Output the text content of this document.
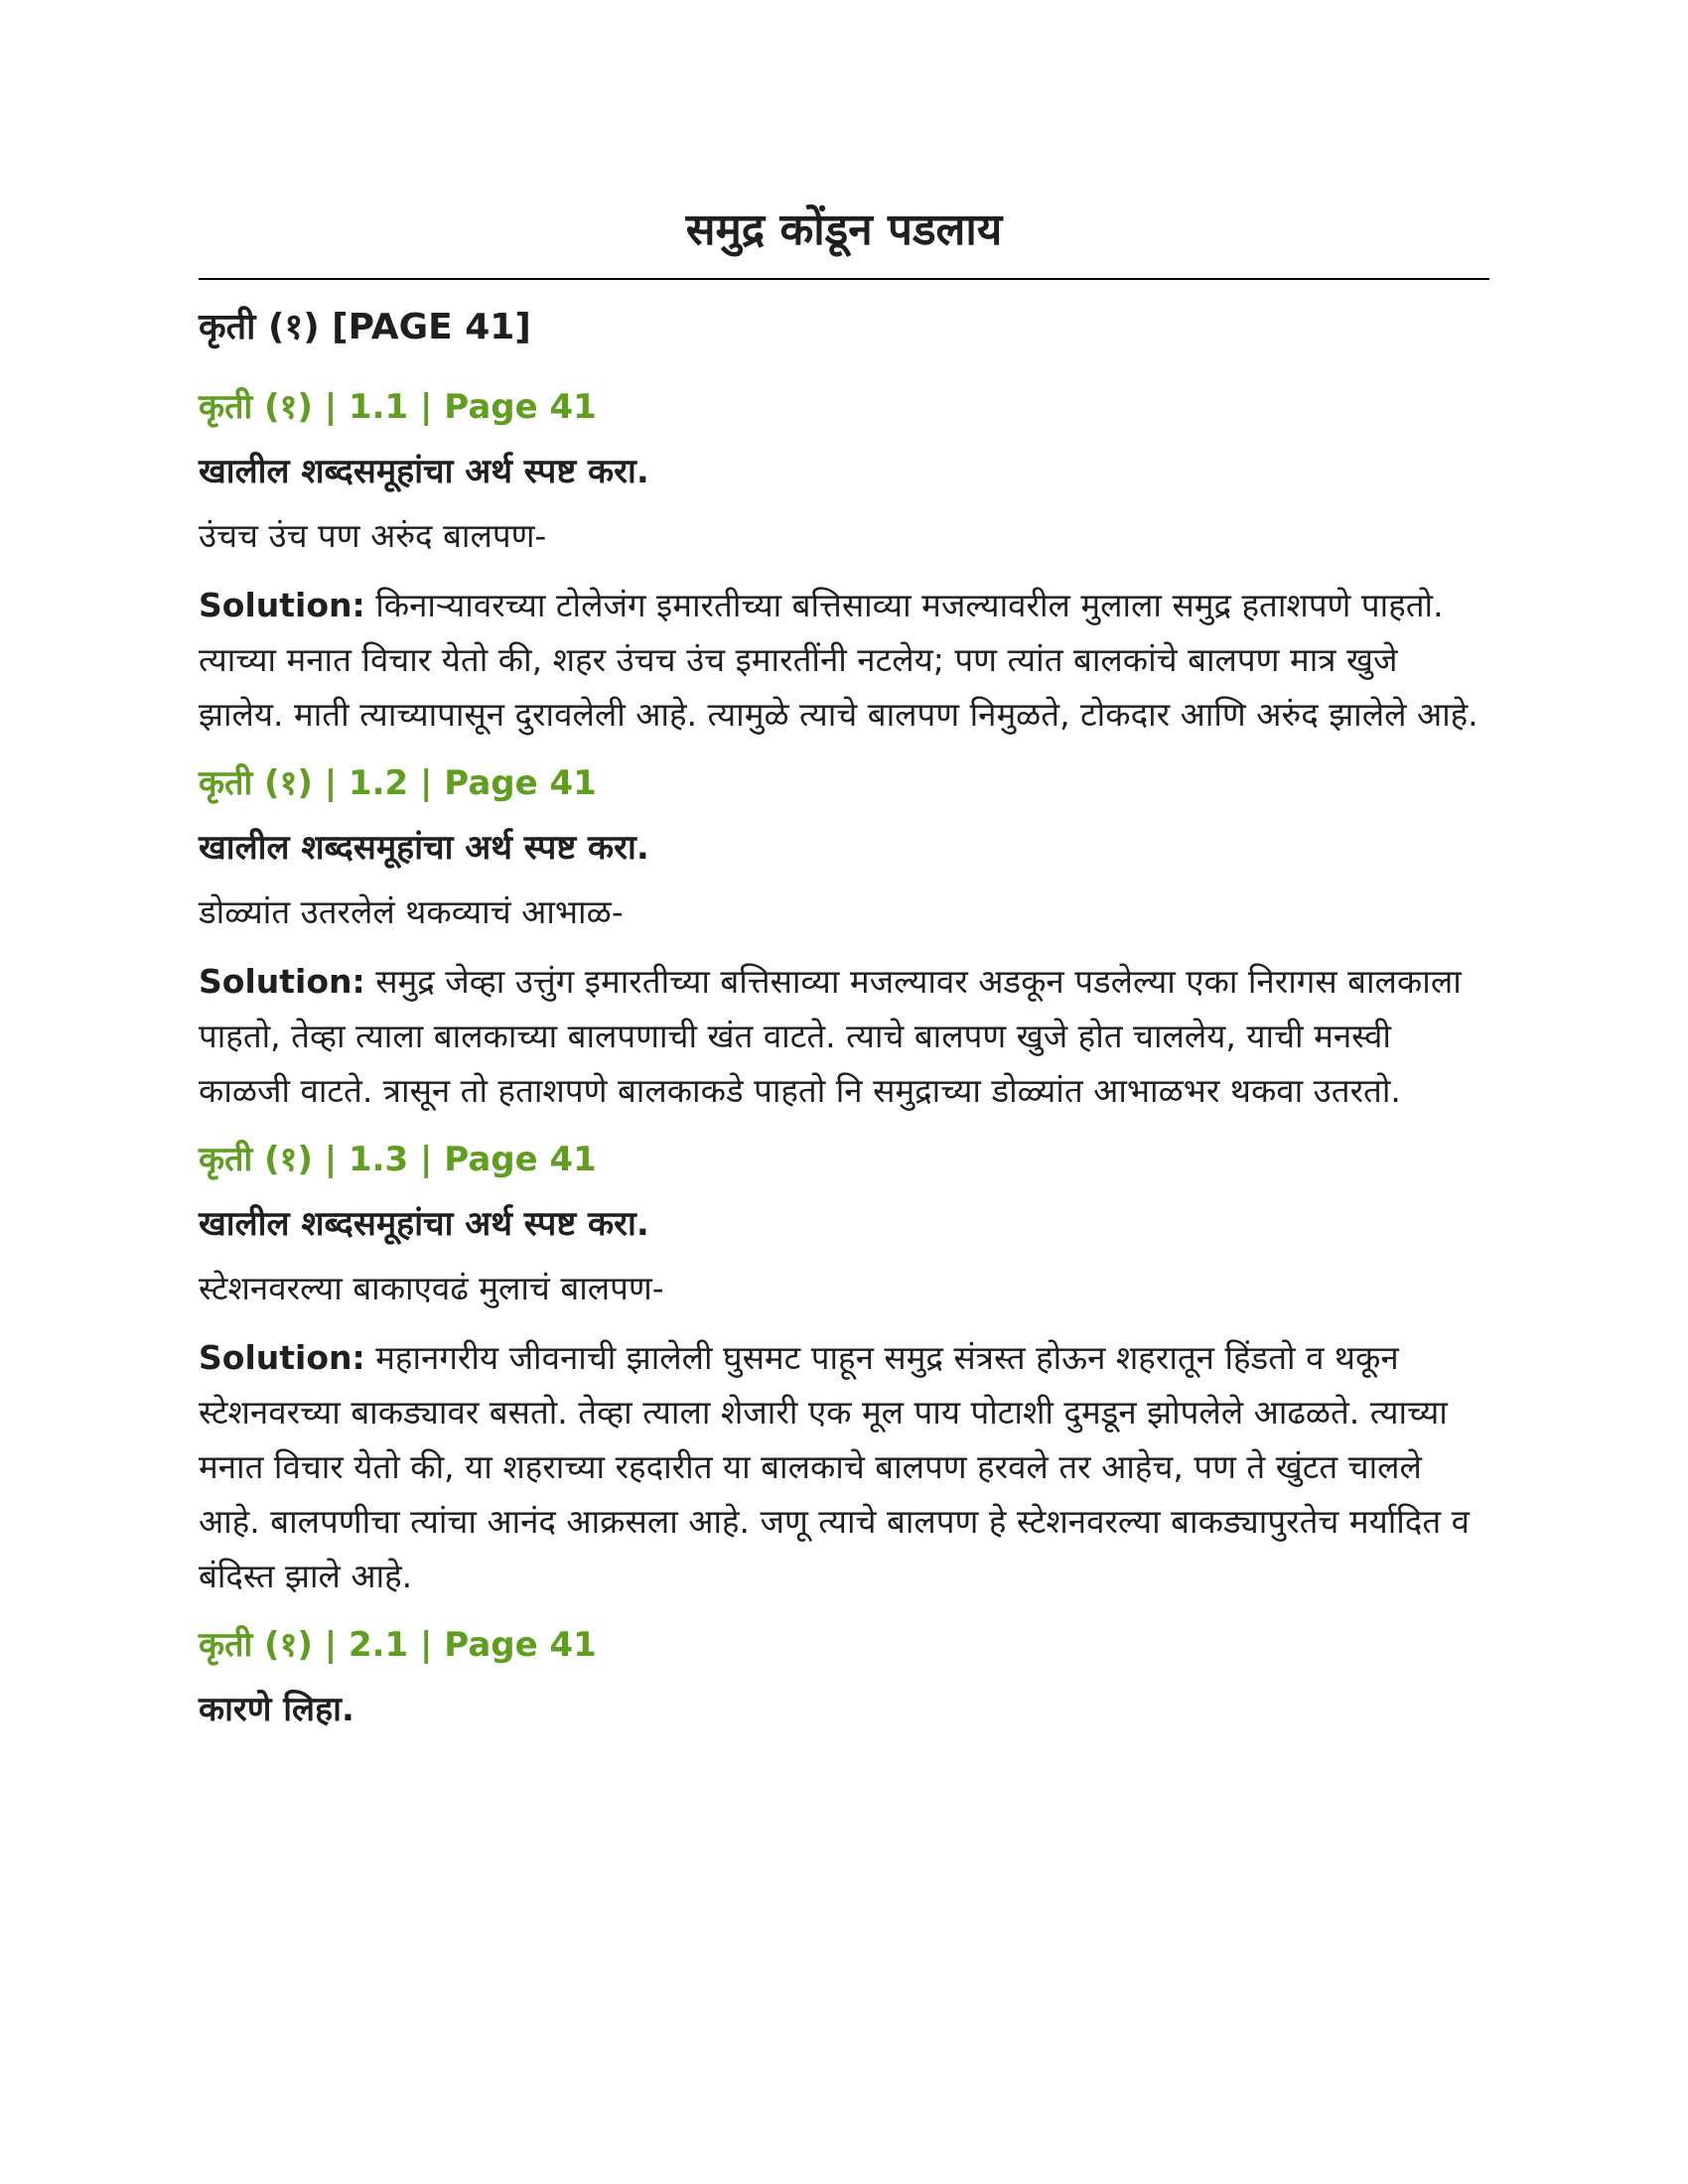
समुद्र कोंडून पडलाय

कृती (१) [PAGE 41]

कृती (१) | 1.1 | Page 41

खालील शब्दसमूहांचा अर्थ स्पष्ट करा.

उंचच उंच पण अरुंद बालपण-

Solution: किनाऱ्यावरच्या टोलेजंग इमारतीच्या बत्तिसाव्या मजल्यावरील मुलाला समुद्र हताशपणे पाहतो. त्याच्या मनात विचार येतो की, शहर उंचच उंच इमारतींनी नटलेय; पण त्यांत बालकांचे बालपण मात्र खुजे झालेय. माती त्याच्यापासून दुरावलेली आहे. त्यामुळे त्याचे बालपण निमुळते, टोकदार आणि अरुंद झालेले आहे.

कृती (१) | 1.2 | Page 41

खालील शब्दसमूहांचा अर्थ स्पष्ट करा.

डोळ्यांत उतरलेलं थकव्याचं आभाळ-

Solution: समुद्र जेव्हा उत्तुंग इमारतीच्या बत्तिसाव्या मजल्यावर अडकून पडलेल्या एका निरागस बालकाला पाहतो, तेव्हा त्याला बालकाच्या बालपणाची खंत वाटते. त्याचे बालपण खुजे होत चाललेय, याची मनस्वी काळजी वाटते. त्रासून तो हताशपणे बालकाकडे पाहतो नि समुद्राच्या डोळ्यांत आभाळभर थकवा उतरतो.

कृती (१) | 1.3 | Page 41

खालील शब्दसमूहांचा अर्थ स्पष्ट करा.

स्टेशनवरल्या बाकाएवढं मुलाचं बालपण-

Solution: महानगरीय जीवनाची झालेली घुसमट पाहून समुद्र संत्रस्त होऊन शहरातून हिंडतो व थकून स्टेशनवरच्या बाकड्यावर बसतो. तेव्हा त्याला शेजारी एक मूल पाय पोटाशी दुमडून झोपलेले आढळते. त्याच्या मनात विचार येतो की, या शहराच्या रहदारीत या बालकाचे बालपण हरवले तर आहेच, पण ते खुंटत चालले आहे. बालपणीचा त्यांचा आनंद आक्रसला आहे. जणू त्याचे बालपण हे स्टेशनवरल्या बाकड्यापुरतेच मर्यादित व बंदिस्त झाले आहे.

कृती (१) | 2.1 | Page 41

कारणे लिहा.
